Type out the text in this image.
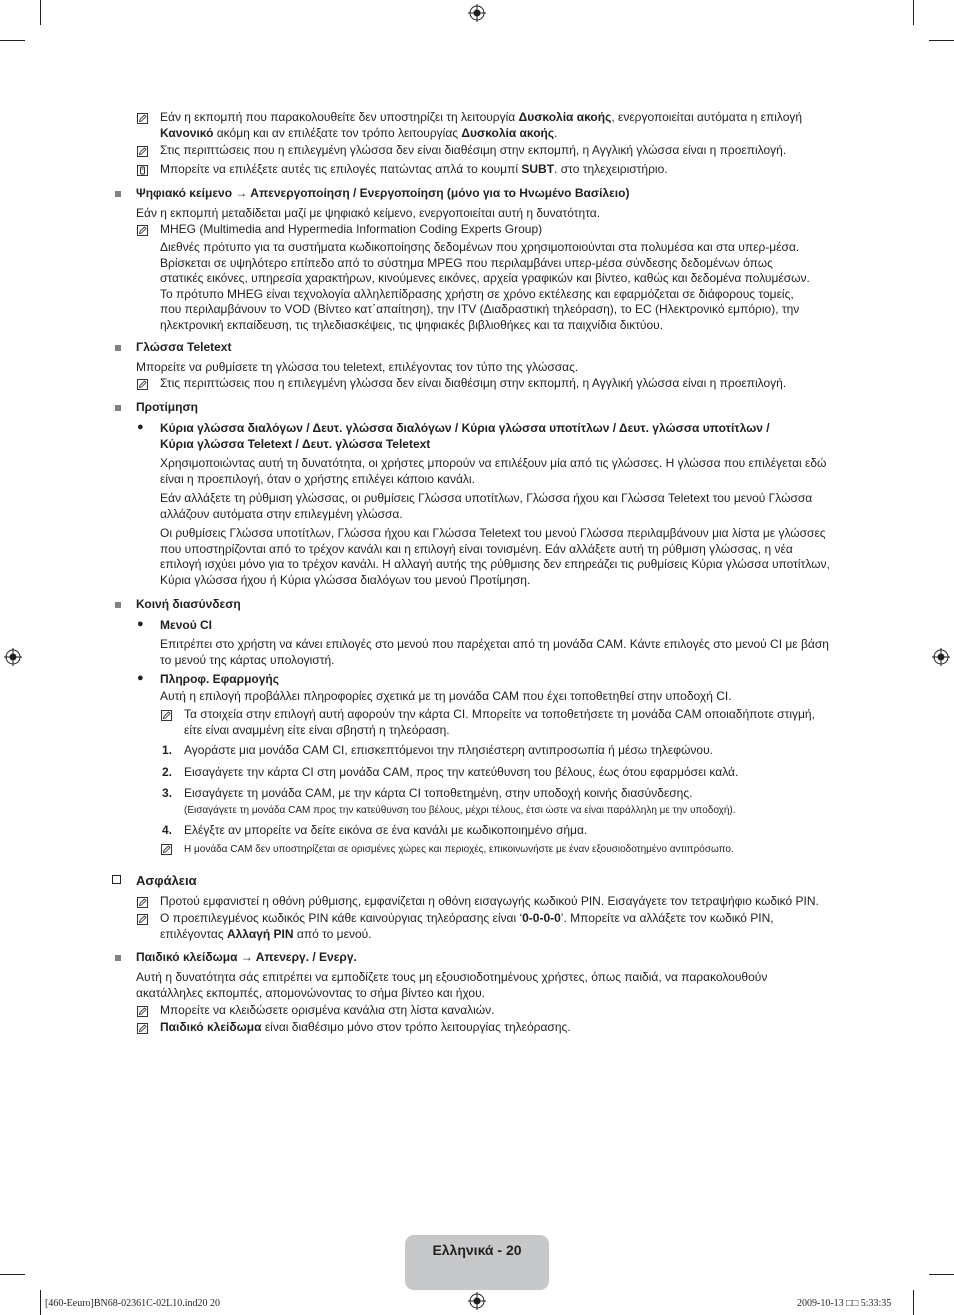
Εάν η εκπομπή που παρακολουθείτε δεν υποστηρίζει τη λειτουργία Δυσκολία ακοής, ενεργοποιείται αυτόματα η επιλογή
Κανονικό ακόμη και αν επιλέξατε τον τρόπο λειτουργίας Δυσκολία ακοής.
Στις περιπτώσεις που η επιλεγμένη γλώσσα δεν είναι διαθέσιμη στην εκπομπή, η Αγγλική γλώσσα είναι η προεπιλογή.
Μπορείτε να επιλέξετε αυτές τις επιλογές πατώντας απλά το κουμπί SUBT. στο τηλεχειριστήριο.
Ψηφιακό κείμενο → Απενεργοποίηση / Ενεργοποίηση (μόνο για το Ηνωμένο Βασίλειο)
Εάν η εκπομπή μεταδίδεται μαζί με ψηφιακό κείμενο, ενεργοποιείται αυτή η δυνατότητα.
MHEG (Multimedia and Hypermedia Information Coding Experts Group)
Διεθνές πρότυπο για τα συστήματα κωδικοποίησης δεδομένων που χρησιμοποιούνται στα πολυμέσα και στα υπερ-μέσα.
Βρίσκεται σε υψηλότερο επίπεδο από το σύστημα MPEG που περιλαμβάνει υπερ-μέσα σύνδεσης δεδομένων όπως
στατικές εικόνες, υπηρεσία χαρακτήρων, κινούμενες εικόνες, αρχεία γραφικών και βίντεο, καθώς και δεδομένα πολυμέσων.
Το πρότυπο MHEG είναι τεχνολογία αλληλεπίδρασης χρήστη σε χρόνο εκτέλεσης και εφαρμόζεται σε διάφορους τομείς,
που περιλαμβάνουν το VOD (Βίντεο κατ΄απαίτηση), την ITV (Διαδραστική τηλεόραση), το EC (Ηλεκτρονικό εμπόριο), την
ηλεκτρονική εκπαίδευση, τις τηλεδιασκέψεις, τις ψηφιακές βιβλιοθήκες και τα παιχνίδια δικτύου.
Γλώσσα Teletext
Μπορείτε να ρυθμίσετε τη γλώσσα του teletext, επιλέγοντας τον τύπο της γλώσσας.
Στις περιπτώσεις που η επιλεγμένη γλώσσα δεν είναι διαθέσιμη στην εκπομπή, η Αγγλική γλώσσα είναι η προεπιλογή.
Προτίμηση
● Κύρια γλώσσα διαλόγων / Δευτ. γλώσσα διαλόγων / Κύρια γλώσσα υποτίτλων / Δευτ. γλώσσα υποτίτλων /
Κύρια γλώσσα Teletext / Δευτ. γλώσσα Teletext
Χρησιμοποιώντας αυτή τη δυνατότητα, οι χρήστες μπορούν να επιλέξουν μία από τις γλώσσες. Η γλώσσα που επιλέγεται εδώ
είναι η προεπιλογή, όταν ο χρήστης επιλέγει κάποιο κανάλι.
Εάν αλλάξετε τη ρύθμιση γλώσσας, οι ρυθμίσεις Γλώσσα υποτίτλων, Γλώσσα ήχου και Γλώσσα Teletext του μενού Γλώσσα
αλλάζουν αυτόματα στην επιλεγμένη γλώσσα.
Οι ρυθμίσεις Γλώσσα υποτίτλων, Γλώσσα ήχου και Γλώσσα Teletext του μενού Γλώσσα περιλαμβάνουν μια λίστα με γλώσσες
που υποστηρίζονται από το τρέχον κανάλι και η επιλογή είναι τονισμένη. Εάν αλλάξετε αυτή τη ρύθμιση γλώσσας, η νέα
επιλογή ισχύει μόνο για το τρέχον κανάλι. Η αλλαγή αυτής της ρύθμισης δεν επηρεάζει τις ρυθμίσεις Κύρια γλώσσα υποτίτλων,
Κύρια γλώσσα ήχου ή Κύρια γλώσσα διαλόγων του μενού Προτίμηση.
Κοινή διασύνδεση
● Μενού CI
Επιτρέπει στο χρήστη να κάνει επιλογές στο μενού που παρέχεται από τη μονάδα CAM. Κάντε επιλογές στο μενού CI με βάση
το μενού της κάρτας υπολογιστή.
● Πληροφ. Εφαρμογής
Αυτή η επιλογή προβάλλει πληροφορίες σχετικά με τη μονάδα CAM που έχει τοποθετηθεί στην υποδοχή CI.
Τα στοιχεία στην επιλογή αυτή αφορούν την κάρτα CI. Μπορείτε να τοποθετήσετε τη μονάδα CAM οποιαδήποτε στιγμή,
είτε είναι αναμμένη είτε είναι σβηστή η τηλεόραση.
1. Αγοράστε μια μονάδα CAM CI, επισκεπτόμενοι την πλησιέστερη αντιπροσωπία ή μέσω τηλεφώνου.
2. Εισαγάγετε την κάρτα CI στη μονάδα CAM, προς την κατεύθυνση του βέλους, έως ότου εφαρμόσει καλά.
3. Εισαγάγετε τη μονάδα CAM, με την κάρτα CI τοποθετημένη, στην υποδοχή κοινής διασύνδεσης.
(Εισαγάγετε τη μονάδα CAM προς την κατεύθυνση του βέλους, μέχρι τέλους, έτσι ώστε να είναι παράλληλη με την υποδοχή).
4. Ελέγξτε αν μπορείτε να δείτε εικόνα σε ένα κανάλι με κωδικοποιημένο σήμα.
Η μονάδα CAM δεν υποστηρίζεται σε ορισμένες χώρες και περιοχές, επικοινωνήστε με έναν εξουσιοδοτημένο αντιπρόσωπο.
Ασφάλεια
Προτού εμφανιστεί η οθόνη ρύθμισης, εμφανίζεται η οθόνη εισαγωγής κωδικού PIN. Εισαγάγετε τον τετραψήφιο κωδικό PIN.
Ο προεπιλεγμένος κωδικός PIN κάθε καινούργιας τηλεόρασης είναι ‘0-0-0-0’. Μπορείτε να αλλάξετε τον κωδικό PIN,
επιλέγοντας Αλλαγή PIN από το μενού.
Παιδικό κλείδωμα → Απενεργ. / Ενεργ.
Αυτή η δυνατότητα σάς επιτρέπει να εμποδίζετε τους μη εξουσιοδοτημένους χρήστες, όπως παιδιά, να παρακολουθούν
ακατάλληλες εκπομπές, απομονώνοντας το σήμα βίντεο και ήχου.
Μπορείτε να κλειδώσετε ορισμένα κανάλια στη λίστα καναλιών.
Παιδικό κλείδωμα είναι διαθέσιμο μόνο στον τρόπο λειτουργίας τηλεόρασης.
Ελληνικά - 20
[460-Eeuro]BN68-02361C-02L10.ind20 20	2009-10-13 □□ 5:33:35
